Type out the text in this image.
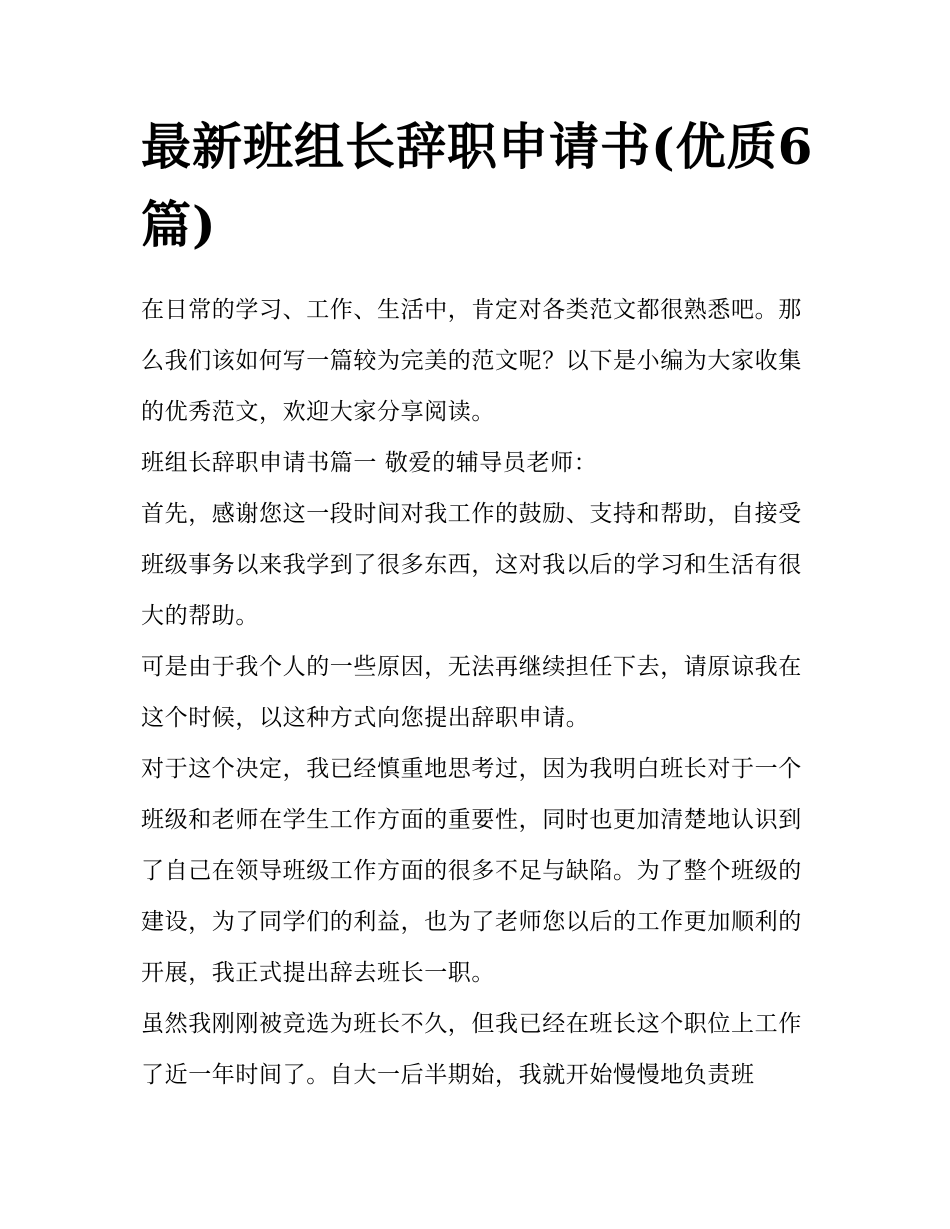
最新班组长辞职申请书(优质6篇)

在日常的学习、工作、生活中，肯定对各类范文都很熟悉吧。那么我们该如何写一篇较为完美的范文呢？以下是小编为大家收集的优秀范文，欢迎大家分享阅读。

班组长辞职申请书篇一 敬爱的辅导员老师：

首先，感谢您这一段时间对我工作的鼓励、支持和帮助，自接受班级事务以来我学到了很多东西，这对我以后的学习和生活有很大的帮助。

可是由于我个人的一些原因，无法再继续担任下去，请原谅我在这个时候，以这种方式向您提出辞职申请。

对于这个决定，我已经慎重地思考过，因为我明白班长对于一个班级和老师在学生工作方面的重要性，同时也更加清楚地认识到了自己在领导班级工作方面的很多不足与缺陷。为了整个班级的建设，为了同学们的利益，也为了老师您以后的工作更加顺利的开展，我正式提出辞去班长一职。

虽然我刚刚被竞选为班长不久，但我已经在班长这个职位上工作了近一年时间了。自大一后半期始，我就开始慢慢地负责班
